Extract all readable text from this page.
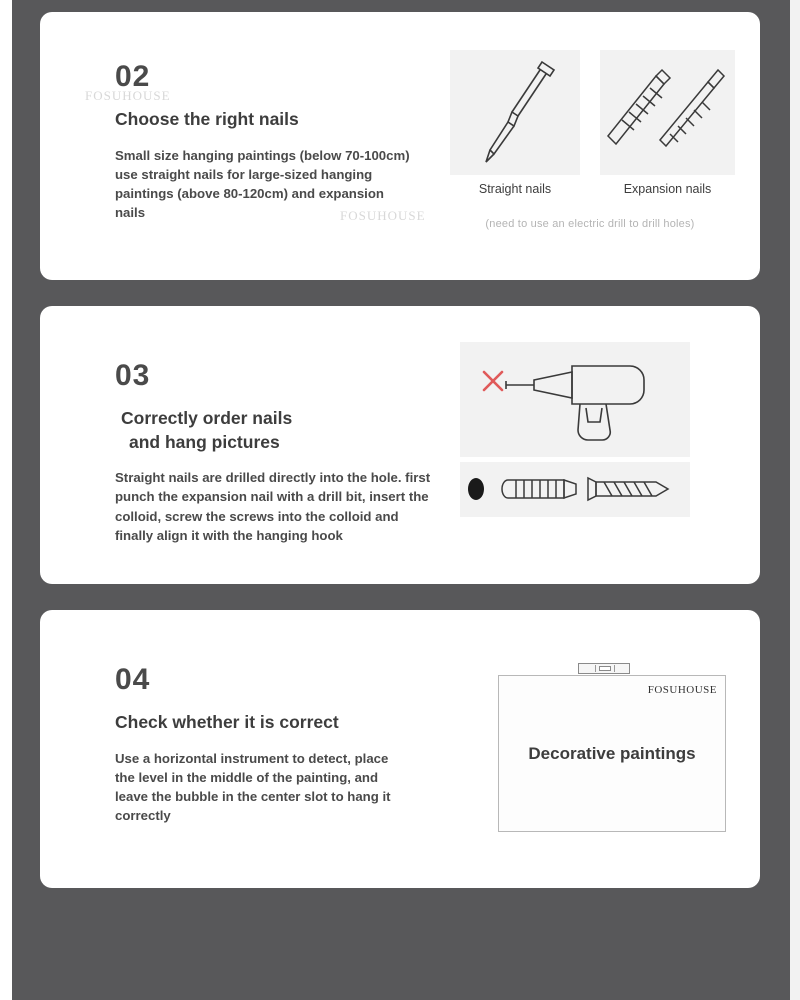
FOSUHOUSE
02
Choose the right nails
Small size hanging paintings (below 70-100cm) use straight nails for large-sized hanging paintings (above 80-120cm) and expansion nails	FOSUHOUSE
Straight nails	Expansion nails
(need to use an electric drill to drill holes)
03
Correctly order nails
and hang pictures
Straight nails are drilled directly into the hole. first punch the expansion nail with a drill bit, insert the colloid, screw the screws into the colloid and finally align it with the hanging hook
04
Check whether it is correct
Use a horizontal instrument to detect, place the level in the middle of the painting, and leave the bubble in the center slot to hang it correctly
FOSUHOUSE
Decorative paintings
